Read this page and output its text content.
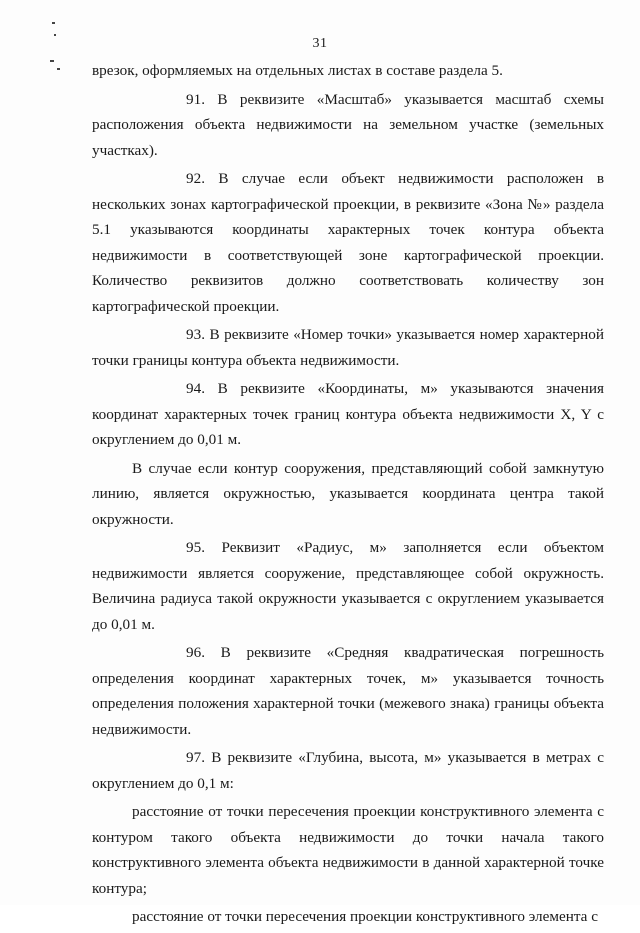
31

врезок, оформляемых на отдельных листах в составе раздела 5.

91. В реквизите «Масштаб» указывается масштаб схемы расположения объекта недвижимости на земельном участке (земельных участках).

92. В случае если объект недвижимости расположен в нескольких зонах картографической проекции, в реквизите «Зона №» раздела 5.1 указываются координаты характерных точек контура объекта недвижимости в соответствующей зоне картографической проекции. Количество реквизитов должно соответствовать количеству зон картографической проекции.

93. В реквизите «Номер точки» указывается номер характерной точки границы контура объекта недвижимости.

94. В реквизите «Координаты, м» указываются значения координат характерных точек границ контура объекта недвижимости X, Y с округлением до 0,01 м.

В случае если контур сооружения, представляющий собой замкнутую линию, является окружностью, указывается координата центра такой окружности.

95. Реквизит «Радиус, м» заполняется если объектом недвижимости является сооружение, представляющее собой окружность. Величина радиуса такой окружности указывается с округлением указывается до 0,01 м.

96. В реквизите «Средняя квадратическая погрешность определения координат характерных точек, м» указывается точность определения положения характерной точки (межевого знака) границы объекта недвижимости.

97. В реквизите «Глубина, высота, м» указывается в метрах с округлением до 0,1 м:

расстояние от точки пересечения проекции конструктивного элемента с контуром такого объекта недвижимости до точки начала такого конструктивного элемента объекта недвижимости в данной характерной точке контура;

расстояние от точки пересечения проекции конструктивного элемента с
